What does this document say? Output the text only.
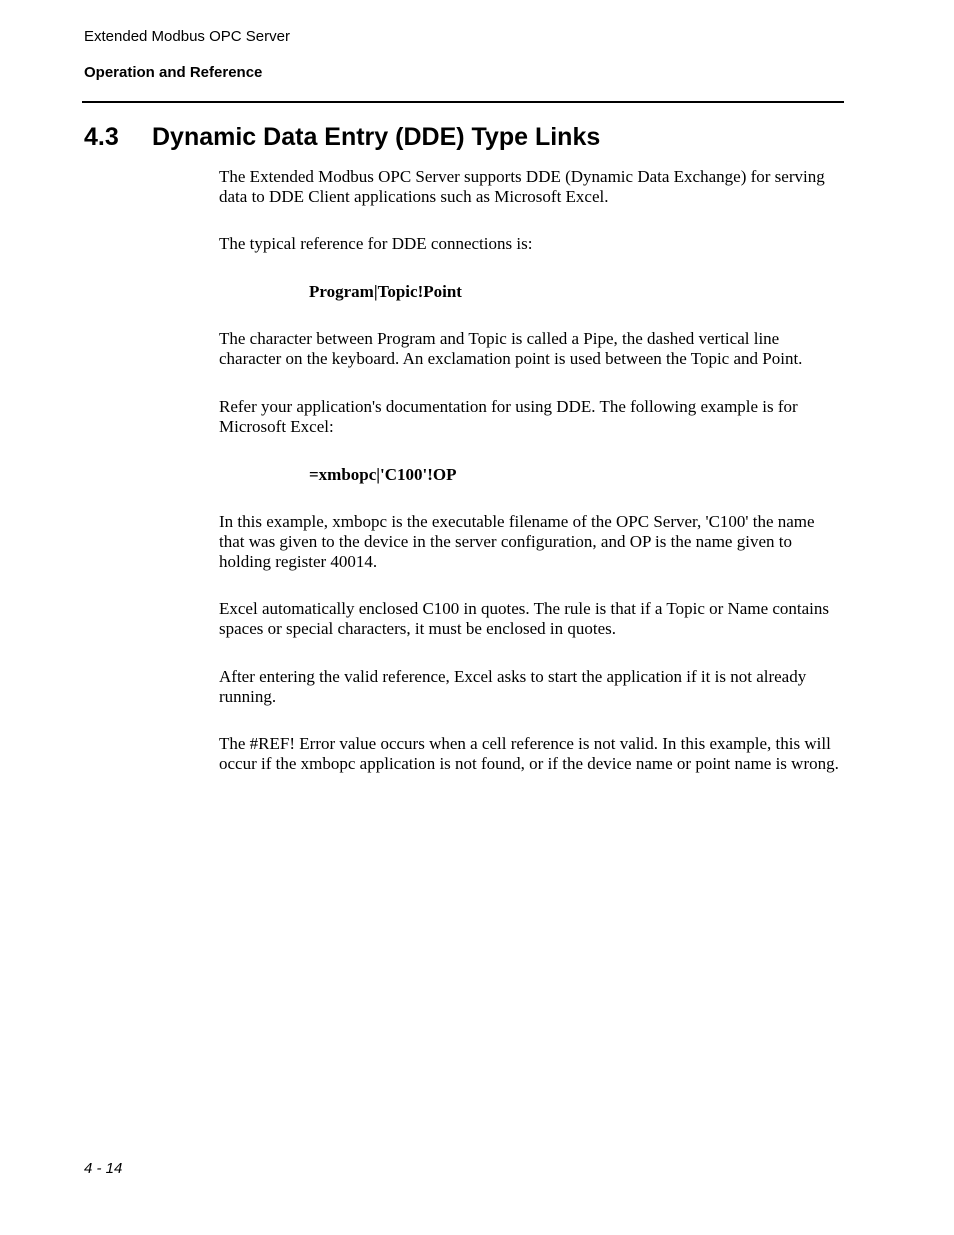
Extended Modbus OPC Server
Operation and Reference
4.3 Dynamic Data Entry (DDE) Type Links

The Extended Modbus OPC Server supports DDE (Dynamic Data Exchange) for serving data to DDE Client applications such as Microsoft Excel.

The typical reference for DDE connections is:

Program|Topic!Point

The character between Program and Topic is called a Pipe, the dashed vertical line character on the keyboard. An exclamation point is used between the Topic and Point.

Refer your application's documentation for using DDE. The following example is for Microsoft Excel:

=xmbopc|'C100'!OP

In this example, xmbopc is the executable filename of the OPC Server, 'C100' the name that was given to the device in the server configuration, and OP is the name given to holding register 40014.

Excel automatically enclosed C100 in quotes. The rule is that if a Topic or Name contains spaces or special characters, it must be enclosed in quotes.

After entering the valid reference, Excel asks to start the application if it is not already running.

The #REF! Error value occurs when a cell reference is not valid. In this example, this will occur if the xmbopc application is not found, or if the device name or point name is wrong.

4 - 14
